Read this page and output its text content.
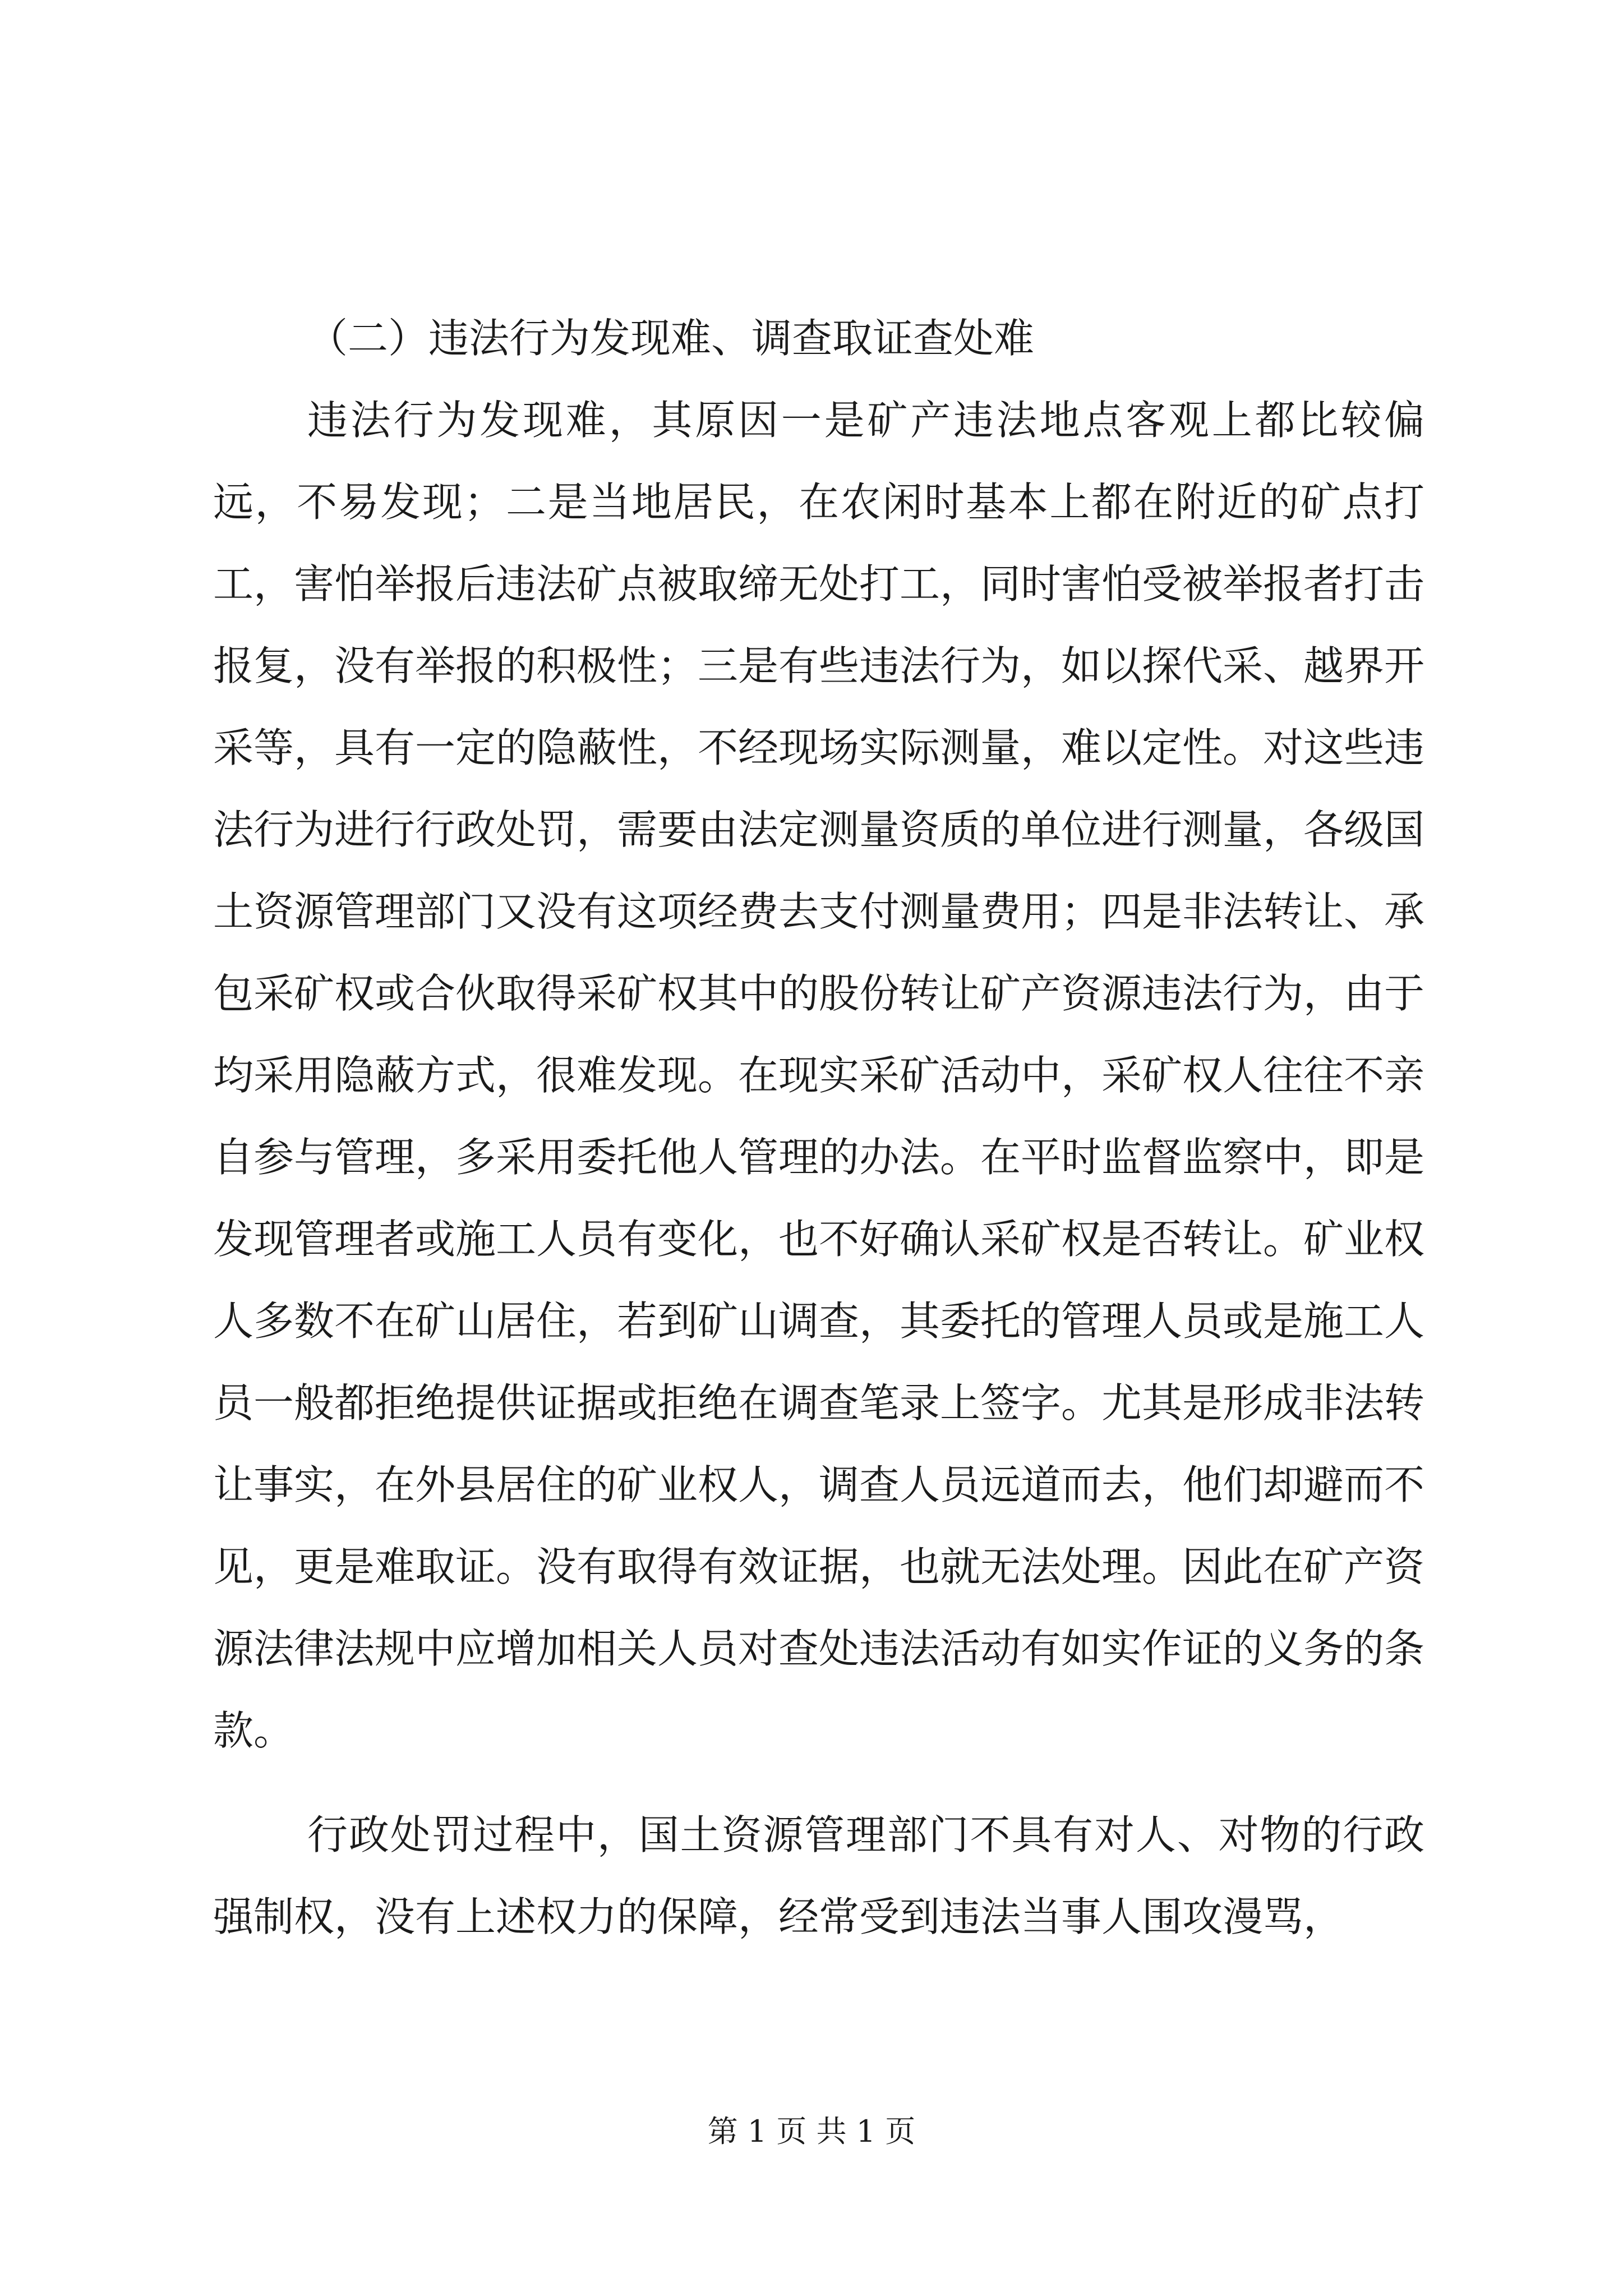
（二）违法行为发现难、调查取证查处难

违法行为发现难，其原因一是矿产违法地点客观上都比较偏远，不易发现；二是当地居民，在农闲时基本上都在附近的矿点打工，害怕举报后违法矿点被取缔无处打工，同时害怕受被举报者打击报复，没有举报的积极性；三是有些违法行为，如以探代采、越界开采等，具有一定的隐蔽性，不经现场实际测量，难以定性。对这些违法行为进行行政处罚，需要由法定测量资质的单位进行测量，各级国土资源管理部门又没有这项经费去支付测量费用；四是非法转让、承包采矿权或合伙取得采矿权其中的股份转让矿产资源违法行为，由于均采用隐蔽方式，很难发现。在现实采矿活动中，采矿权人往往不亲自参与管理，多采用委托他人管理的办法。在平时监督监察中，即是发现管理者或施工人员有变化，也不好确认采矿权是否转让。矿业权人多数不在矿山居住，若到矿山调查，其委托的管理人员或是施工人员一般都拒绝提供证据或拒绝在调查笔录上签字。尤其是形成非法转让事实，在外县居住的矿业权人，调查人员远道而去，他们却避而不见，更是难取证。没有取得有效证据，也就无法处理。因此在矿产资源法律法规中应增加相关人员对查处违法活动有如实作证的义务的条款。

行政处罚过程中，国土资源管理部门不具有对人、对物的行政强制权，没有上述权力的保障，经常受到违法当事人围攻漫骂，

第 1 页 共 1 页
